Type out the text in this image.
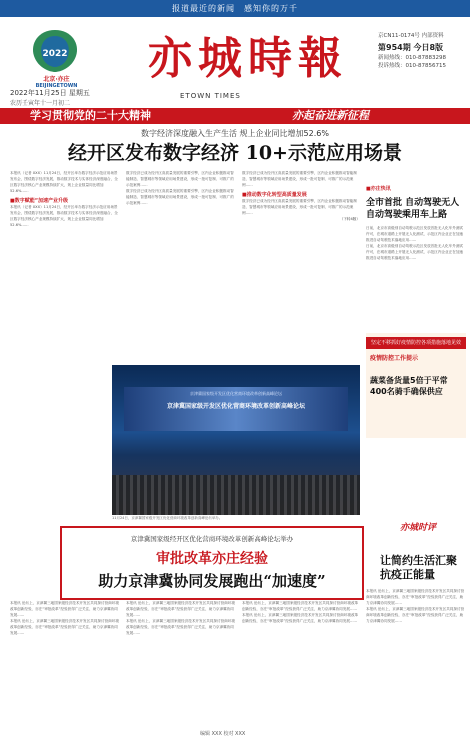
报道最近的新闻　感知你的万千
2022
北京·亦庄
BEIJINGETOWN
2022年11月25日 星期五
农历壬寅年十一月初二
亦城時報
ETOWN TIMES
京CN11-0174号 内部资料
第954期 今日8版
新闻热线：010-87883298
投诉热线：010-87856715
学习贯彻党的二十大精神	亦起奋进新征程
数字经济深度融入生产生活 规上企业同比增加52.6%
经开区发布数字经济 10+示范应用场景
本报讯（记者 XXX）11月24日，经开区举办数字经济示范应用场景发布会，围绕数字经济发展，推动数字技术与实体经济深度融合，全区数字经济核心产业规模持续扩大，规上企业数量同比增加52.6%……
■数字赋能“加速产业升级
本报讯（记者 XXX）11月24日，经开区举办数字经济示范应用场景发布会，围绕数字经济发展，推动数字技术与实体经济深度融合，全区数字经济核心产业规模持续扩大，规上企业数量同比增加52.6%……
数字经济已成为经开区高质量发展的重要引擎，区内企业积极推动智能制造、智慧城市等领域应用场景建设，形成一批可复制、可推广的示范案例……
数字经济已成为经开区高质量发展的重要引擎，区内企业积极推动智能制造、智慧城市等领域应用场景建设，形成一批可复制、可推广的示范案例……
数字经济已成为经开区高质量发展的重要引擎，区内企业积极推动智能制造、智慧城市等领域应用场景建设，形成一批可复制、可推广的示范案例……
■推动数字化转型高质量发展
数字经济已成为经开区高质量发展的重要引擎，区内企业积极推动智能制造、智慧城市等领域应用场景建设，形成一批可复制、可推广的示范案例……
（下转4版）
■亦庄快讯
全市首批 自动驾驶无人自动驾驶乘用车上路
日前，北京市高级别自动驾驶示范区发放首批无人化车外测试许可，在城市道路上开展无人化测试，示范区内企业正在加速推进自动驾驶技术落地应用……
日前，北京市高级别自动驾驶示范区发放首批无人化车外测试许可，在城市道路上开展无人化测试，示范区内企业正在加速推进自动驾驶技术落地应用……
坚定不移抓好疫情防控各项措施落地见效
疫情防控工作提示
蔬菜备货量5倍于平常 400名骑手确保供应
京津冀国家级开发区优化营商环境改革创新高峰论坛
京津冀国家级开发区优化营商环境改革创新高峰论坛
11月24日，京津冀国家级开发区优化营商环境改革创新高峰论坛举办。
京津冀国家级经开区优化营商环境改革创新高峰论坛举办
审批改革亦庄经验
助力京津冀协同发展跑出“加速度”
本报讯 论坛上，京津冀三地国家级经济技术开发区共同探讨营商环境改革创新经验，亦庄“审批改革”经验获得广泛关注，助力京津冀协同发展……
本报讯 论坛上，京津冀三地国家级经济技术开发区共同探讨营商环境改革创新经验，亦庄“审批改革”经验获得广泛关注，助力京津冀协同发展……
本报讯 论坛上，京津冀三地国家级经济技术开发区共同探讨营商环境改革创新经验，亦庄“审批改革”经验获得广泛关注，助力京津冀协同发展……
本报讯 论坛上，京津冀三地国家级经济技术开发区共同探讨营商环境改革创新经验，亦庄“审批改革”经验获得广泛关注，助力京津冀协同发展……
本报讯 论坛上，京津冀三地国家级经济技术开发区共同探讨营商环境改革创新经验，亦庄“审批改革”经验获得广泛关注，助力京津冀协同发展……
本报讯 论坛上，京津冀三地国家级经济技术开发区共同探讨营商环境改革创新经验，亦庄“审批改革”经验获得广泛关注，助力京津冀协同发展……
亦城时评
让简约生活汇聚抗疫正能量
本报讯 论坛上，京津冀三地国家级经济技术开发区共同探讨营商环境改革创新经验，亦庄“审批改革”经验获得广泛关注，助力京津冀协同发展……
本报讯 论坛上，京津冀三地国家级经济技术开发区共同探讨营商环境改革创新经验，亦庄“审批改革”经验获得广泛关注，助力京津冀协同发展……
编辑 XXX 校对 XXX
